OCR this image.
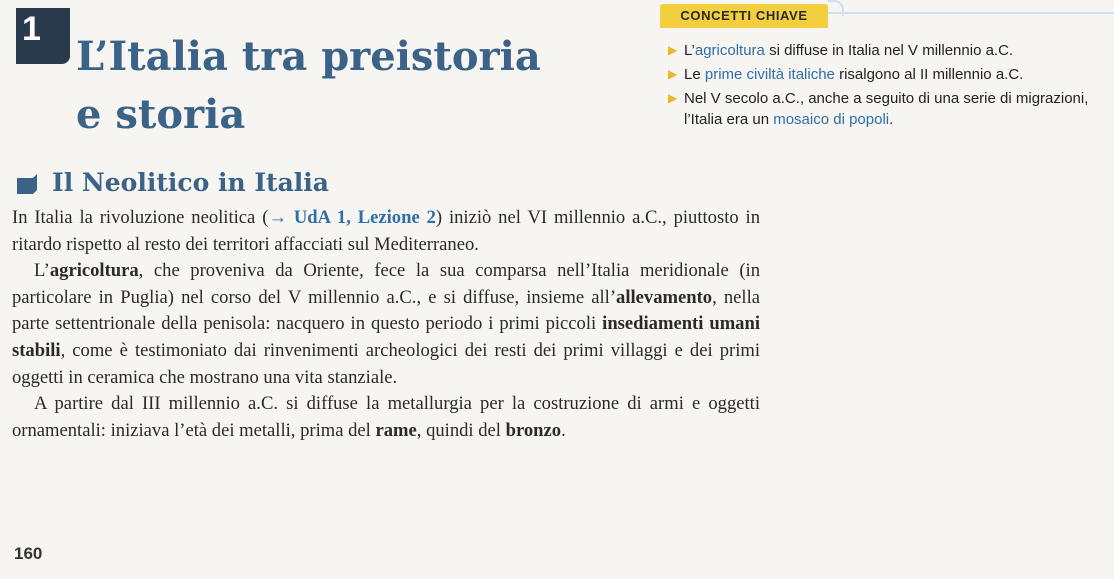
1
L’Italia tra preistoria
e storia
CONCETTI CHIAVE
▶ L’agricoltura si diffuse in Italia nel V millennio a.C.
▶ Le prime civiltà italiche risalgono al II millennio a.C.
▶ Nel V secolo a.C., anche a seguito di una serie di migrazioni, l’Italia era un mosaico di popoli.
Il Neolitico in Italia

In Italia la rivoluzione neolitica (→ UdA 1, Lezione 2) iniziò nel VI millennio a.C., piuttosto in ritardo rispetto al resto dei territori affacciati sul Mediterraneo.

L’agricoltura, che proveniva da Oriente, fece la sua comparsa nell’Italia meridionale (in particolare in Puglia) nel corso del V millennio a.C., e si diffuse, insieme all’allevamento, nella parte settentrionale della penisola: nacquero in questo periodo i primi piccoli insediamenti umani stabili, come è testimoniato dai rinvenimenti archeologici dei resti dei primi villaggi e dei primi oggetti in ceramica che mostrano una vita stanziale.

A partire dal III millennio a.C. si diffuse la metallurgia per la costruzione di armi e oggetti ornamentali: iniziava l’età dei metalli, prima del rame, quindi del bronzo.

160
